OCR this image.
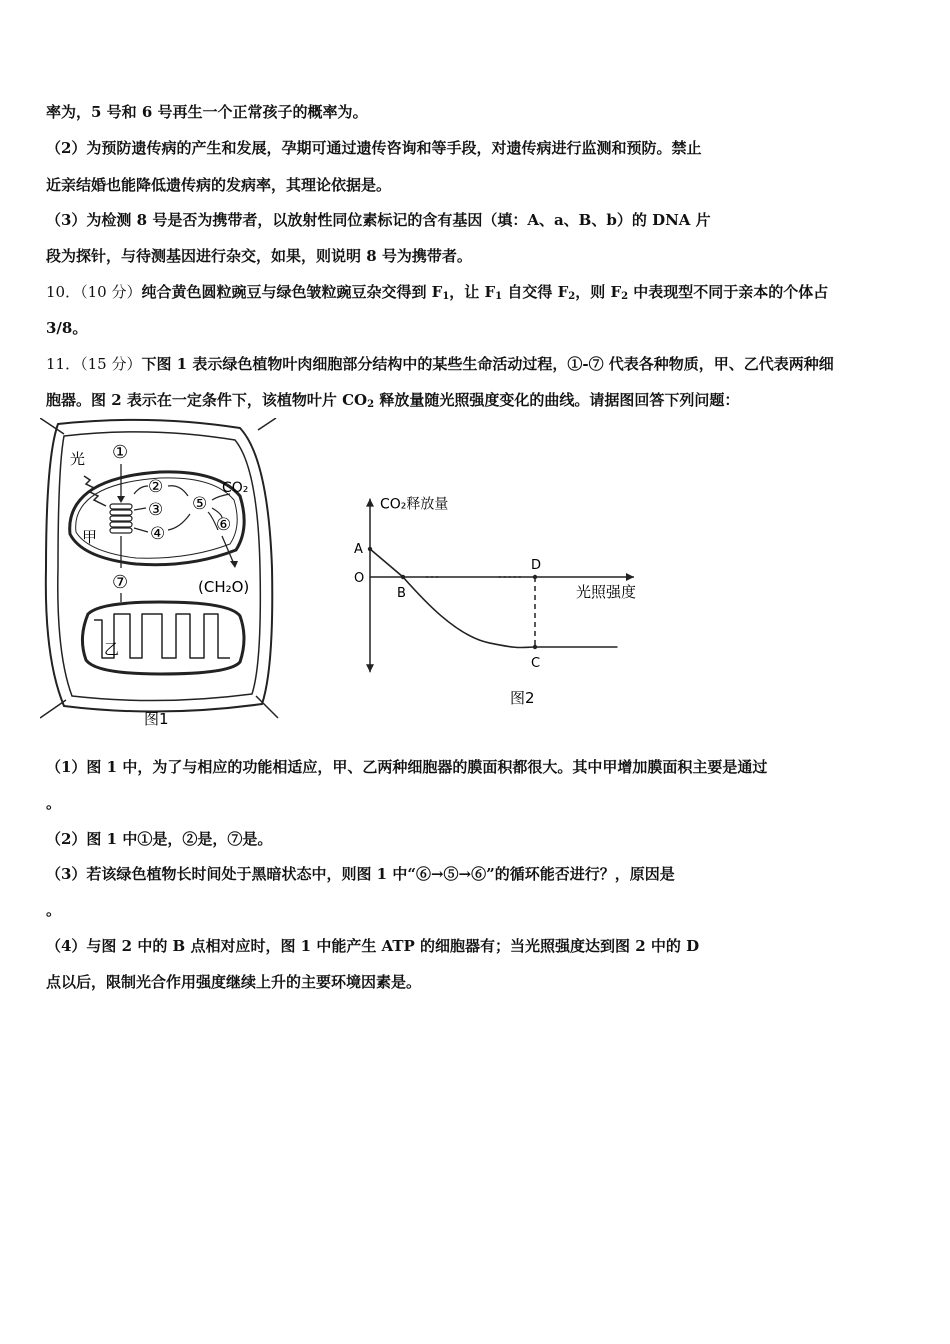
率为，5 号和 6 号再生一个正常孩子的概率为。
（2）为预防遗传病的产生和发展，孕期可通过遗传咨询和等手段，对遗传病进行监测和预防。禁止
近亲结婚也能降低遗传病的发病率，其理论依据是。
（3）为检测 8 号是否为携带者，以放射性同位素标记的含有基因（填：A、a、B、b）的 DNA 片
段为探针，与待测基因进行杂交，如果，则说明 8 号为携带者。
10．（10 分）纯合黄色圆粒豌豆与绿色皱粒豌豆杂交得到 $F_1$，让 $F_1$ 自交得 $F_2$，则 $F_2$ 中表现型不同于亲本的个体占
3/8。
11．（15 分）下图 1 表示绿色植物叶肉细胞部分结构中的某些生命活动过程，①-⑦ 代表各种物质，甲、乙代表两种细
胞器。图 2 表示在一定条件下，该植物叶片 $CO_2$ 释放量随光照强度变化的曲线。请据图回答下列问题：
光 ①
②
③
④
⑤
⑥
CO₂
甲
⑦	(CH₂O)
乙
图1
CO₂释放量
光照强度
O
A
B
D
C
图2
（1）图 1 中，为了与相应的功能相适应，甲、乙两种细胞器的膜面积都很大。其中甲增加膜面积主要是通过
。
（2）图 1 中①是，②是，⑦是。
（3）若该绿色植物长时间处于黑暗状态中，则图 1 中“⑥→⑤→⑥”的循环能否进行？，原因是
。
（4）与图 2 中的 B 点相对应时，图 1 中能产生 ATP 的细胞器有；当光照强度达到图 2 中的 D
点以后，限制光合作用强度继续上升的主要环境因素是。
